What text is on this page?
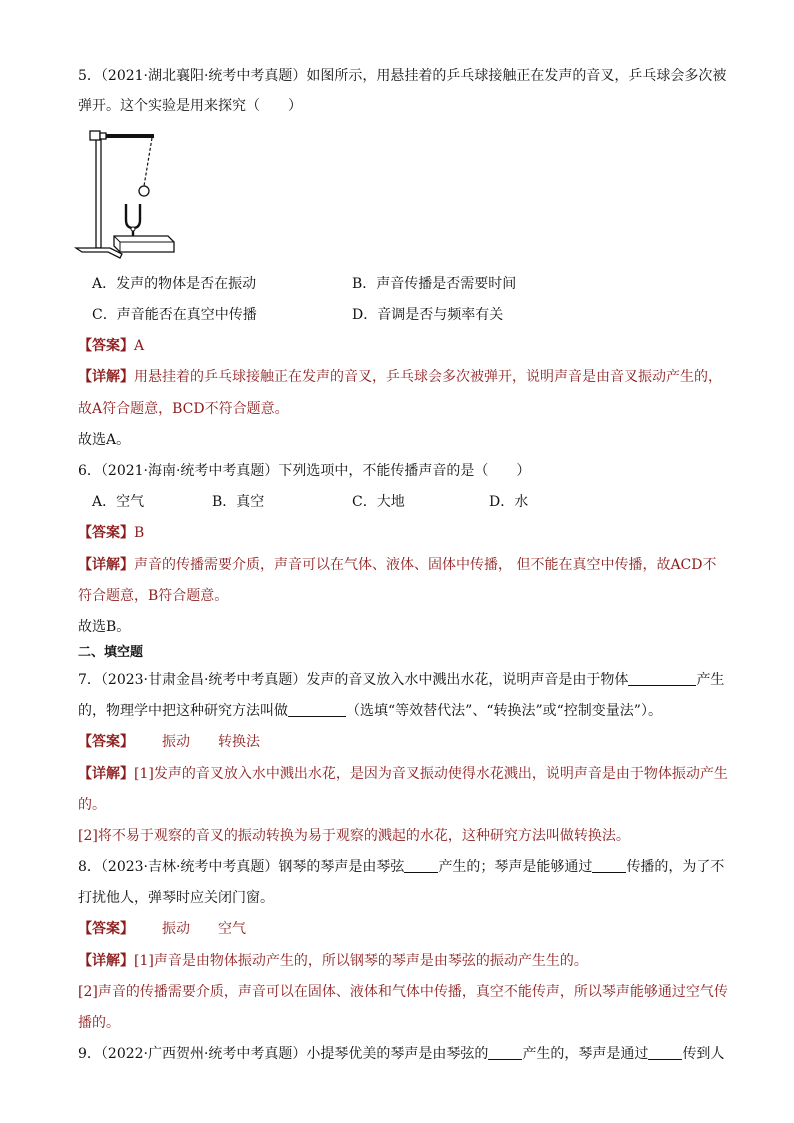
5．（2021·湖北襄阳·统考中考真题）如图所示，用悬挂着的乒乓球接触正在发声的音叉，乒乓球会多次被
弹开。这个实验是用来探究（　　）
A．发声的物体是否在振动	B．声音传播是否需要时间
C．声音能否在真空中传播	D．音调是否与频率有关
【答案】A
【详解】用悬挂着的乒乓球接触正在发声的音叉，乒乓球会多次被弹开，说明声音是由音叉振动产生的，
故A符合题意，BCD不符合题意。
故选A。
6．（2021·海南·统考中考真题）下列选项中，不能传播声音的是（　　）
A．空气	B．真空	C．大地	D．水
【答案】B
【详解】声音的传播需要介质，声音可以在气体、液体、固体中传播， 但不能在真空中传播，故ACD不
符合题意，B符合题意。
故选B。
二、填空题
7．（2023·甘肃金昌·统考中考真题）发声的音叉放入水中溅出水花，说明声音是由于物体	产生
的，物理学中把这种研究方法叫做	（选填“等效替代法”、“转换法”或“控制变量法”）。
【答案】 振动 转换法
【详解】[1]发声的音叉放入水中溅出水花，是因为音叉振动使得水花溅出，说明声音是由于物体振动产生
的。
[2]将不易于观察的音叉的振动转换为易于观察的溅起的水花，这种研究方法叫做转换法。
8．（2023·吉林·统考中考真题）钢琴的琴声是由琴弦 产生的；琴声是能够通过 传播的，为了不
打扰他人，弹琴时应关闭门窗。
【答案】 振动 空气
【详解】[1]声音是由物体振动产生的，所以钢琴的琴声是由琴弦的振动产生生的。
[2]声音的传播需要介质，声音可以在固体、液体和气体中传播，真空不能传声，所以琴声能够通过空气传
播的。
9．（2022·广西贺州·统考中考真题）小提琴优美的琴声是由琴弦的 产生的，琴声是通过 传到人
